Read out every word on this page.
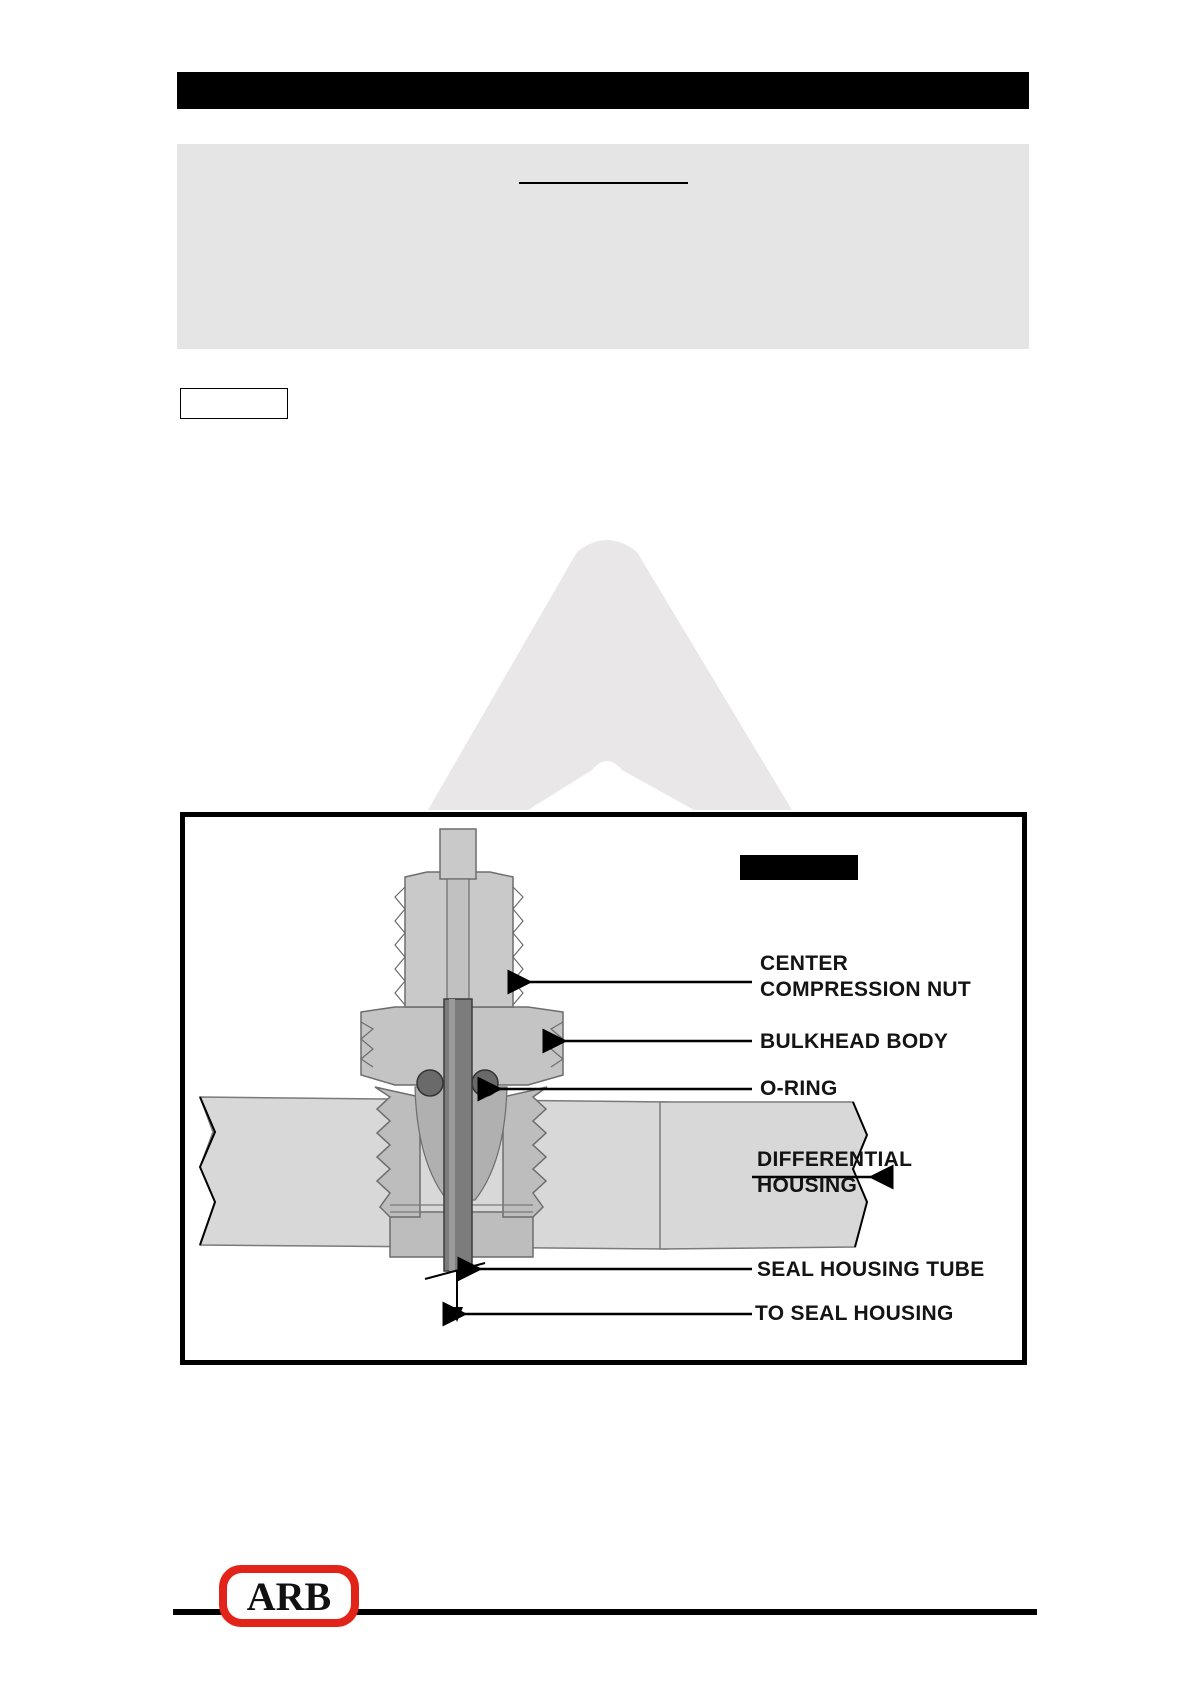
CENTER
COMPRESSION NUT
BULKHEAD BODY
O-RING
DIFFERENTIAL
HOUSING
SEAL HOUSING TUBE
TO SEAL HOUSING
ARB
